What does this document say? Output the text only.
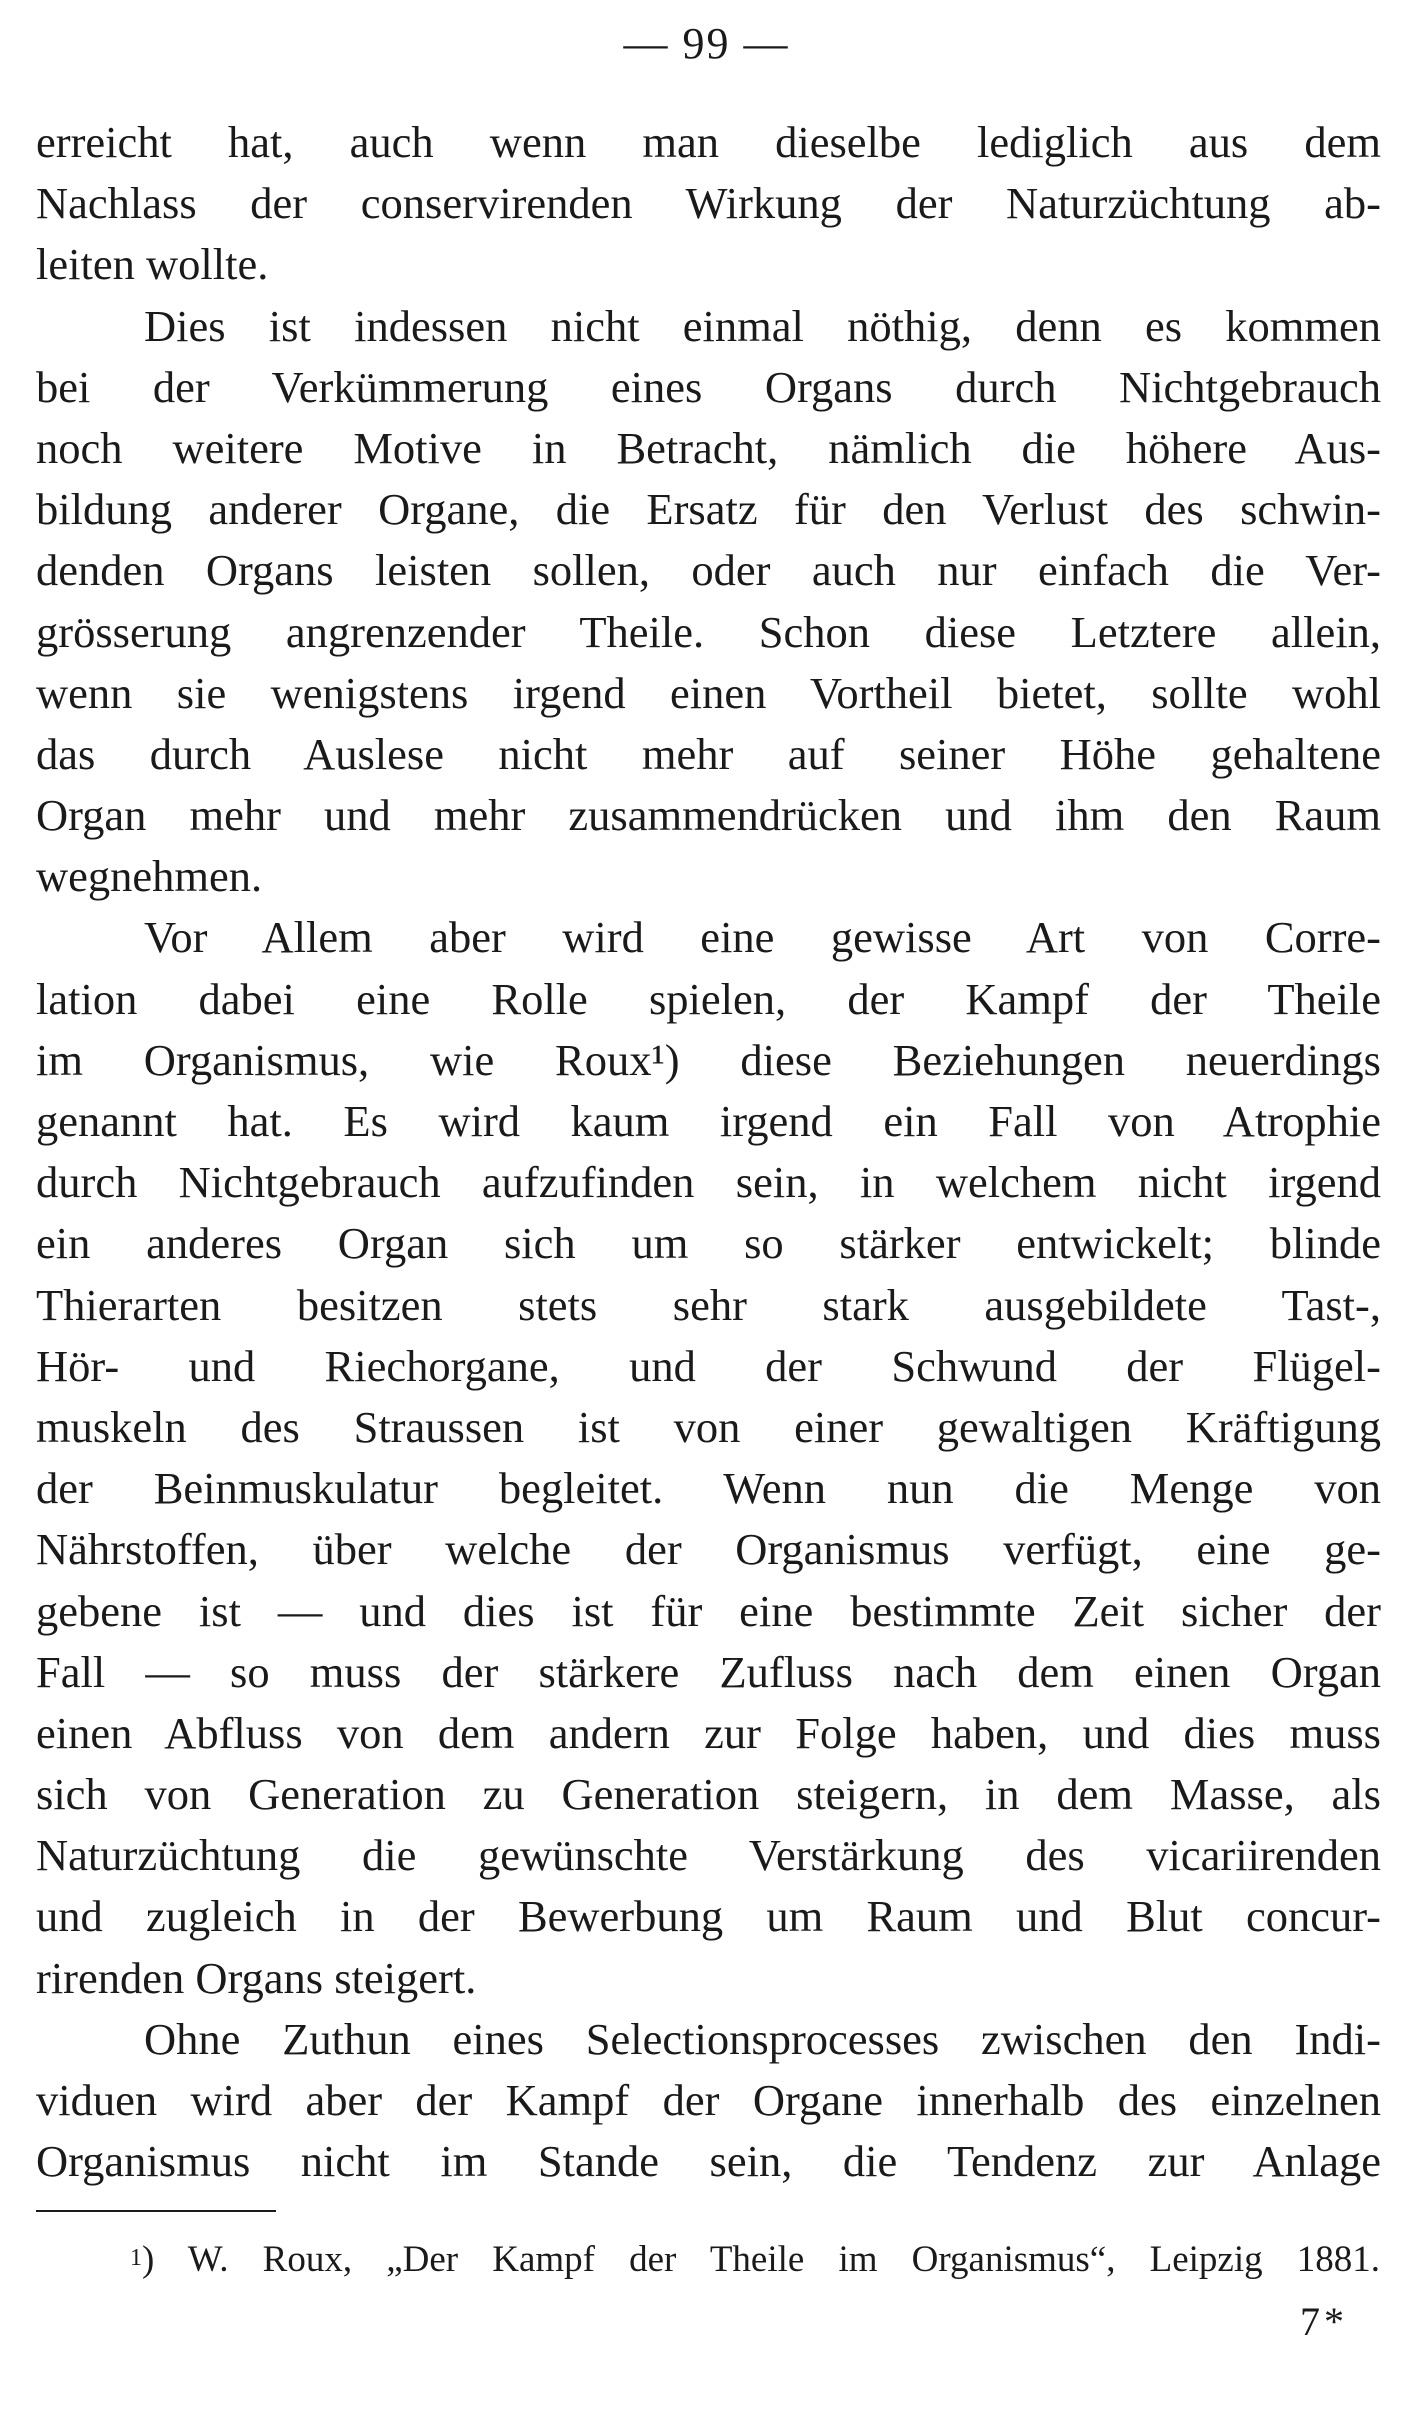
— 99 —
erreicht hat, auch wenn man dieselbe lediglich aus dem
Nachlass der conservirenden Wirkung der Naturzüchtung ab-
leiten wollte.
Dies ist indessen nicht einmal nöthig, denn es kommen
bei der Verkümmerung eines Organs durch Nichtgebrauch
noch weitere Motive in Betracht, nämlich die höhere Aus-
bildung anderer Organe, die Ersatz für den Verlust des schwin-
denden Organs leisten sollen, oder auch nur einfach die Ver-
grösserung angrenzender Theile. Schon diese Letztere allein,
wenn sie wenigstens irgend einen Vortheil bietet, sollte wohl
das durch Auslese nicht mehr auf seiner Höhe gehaltene
Organ mehr und mehr zusammendrücken und ihm den Raum
wegnehmen.
Vor Allem aber wird eine gewisse Art von Corre-
lation dabei eine Rolle spielen, der Kampf der Theile
im Organismus, wie Roux¹) diese Beziehungen neuerdings
genannt hat. Es wird kaum irgend ein Fall von Atrophie
durch Nichtgebrauch aufzufinden sein, in welchem nicht irgend
ein anderes Organ sich um so stärker entwickelt; blinde
Thierarten besitzen stets sehr stark ausgebildete Tast-,
Hör- und Riechorgane, und der Schwund der Flügel-
muskeln des Straussen ist von einer gewaltigen Kräftigung
der Beinmuskulatur begleitet. Wenn nun die Menge von
Nährstoffen, über welche der Organismus verfügt, eine ge-
gebene ist — und dies ist für eine bestimmte Zeit sicher der
Fall — so muss der stärkere Zufluss nach dem einen Organ
einen Abfluss von dem andern zur Folge haben, und dies muss
sich von Generation zu Generation steigern, in dem Masse, als
Naturzüchtung die gewünschte Verstärkung des vicariirenden
und zugleich in der Bewerbung um Raum und Blut concur-
rirenden Organs steigert.
Ohne Zuthun eines Selectionsprocesses zwischen den Indi-
viduen wird aber der Kampf der Organe innerhalb des einzelnen
Organismus nicht im Stande sein, die Tendenz zur Anlage
$^1$) W. Roux, „Der Kampf der Theile im Organismus“, Leipzig 1881.
7*
